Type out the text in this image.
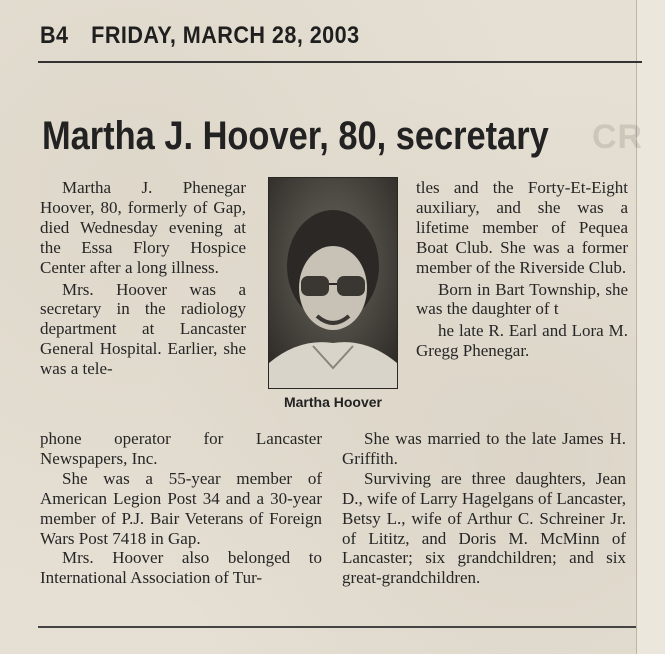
CR
B4 FRIDAY, MARCH 28, 2003
Martha J. Hoover, 80, secretary

Martha J. Phenegar Hoover, 80, formerly of Gap, died Wednesday evening at the Essa Flory Hospice Center after a long illness.

Mrs. Hoover was a secretary in the radiology department at Lancaster General Hospital. Earlier, she was a tele-

Martha Hoover

phone operator for Lancaster Newspapers, Inc.

She was a 55-year member of American Legion Post 34 and a 30-year member of P.J. Bair Veterans of Foreign Wars Post 7418 in Gap.

Mrs. Hoover also belonged to International Association of Tur-

tles and the Forty-Et-Eight auxiliary, and she was a lifetime member of Pequea Boat Club. She was a former member of the Riverside Club.

Born in Bart Township, she was the daughter of t

he late R. Earl and Lora M. Gregg Phenegar.

She was married to the late James H. Griffith.

Surviving are three daughters, Jean D., wife of Larry Hagelgans of Lancaster, Betsy L., wife of Arthur C. Schreiner Jr. of Lititz, and Doris M. McMinn of Lancaster; six grandchildren; and six great-grandchildren.
